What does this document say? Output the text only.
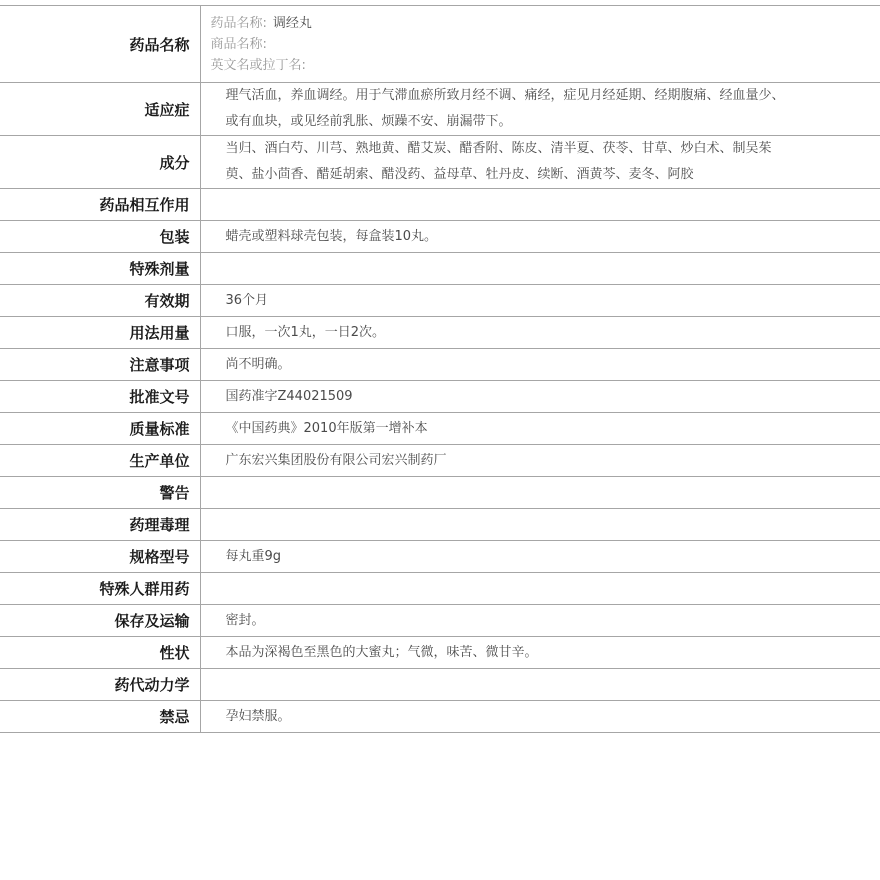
药品名称	药品名称: 调经丸
商品名称:
英文名或拉丁名:

适应症	理气活血，养血调经。用于气滞血瘀所致月经不调、痛经，症见月经延期、经期腹痛、经血量少、或有血块，或见经前乳胀、烦躁不安、崩漏带下。
成分	当归、酒白芍、川芎、熟地黄、醋艾炭、醋香附、陈皮、清半夏、茯苓、甘草、炒白术、制吴茱萸、盐小茴香、醋延胡索、醋没药、益母草、牡丹皮、续断、酒黄芩、麦冬、阿胶
药品相互作用	
包装	蜡壳或塑料球壳包装，每盒装10丸。
特殊剂量	
有效期	36个月
用法用量	口服，一次1丸，一日2次。
注意事项	尚不明确。
批准文号	国药准字Z44021509
质量标准	《中国药典》2010年版第一增补本
生产单位	广东宏兴集团股份有限公司宏兴制药厂
警告	
药理毒理	
规格型号	每丸重9g
特殊人群用药	
保存及运输	密封。
性状	本品为深褐色至黑色的大蜜丸；气微，味苦、微甘辛。
药代动力学	
禁忌	孕妇禁服。
